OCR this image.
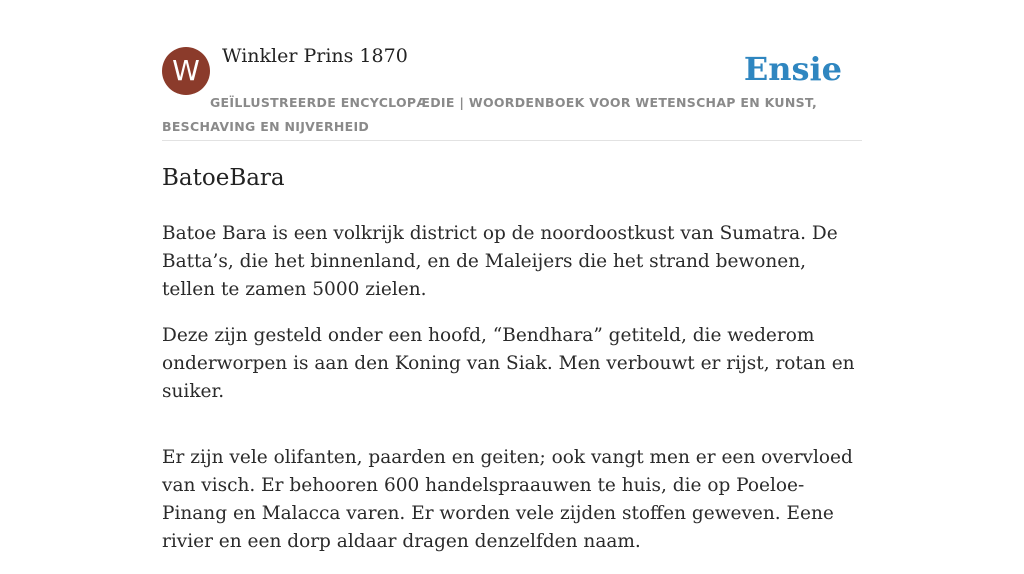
W	Winkler Prins 1870

GEÏLLUSTREERDE ENCYCLOPÆDIE | WOORDENBOEK VOOR WETENSCHAP EN KUNST, BESCHAVING EN NIJVERHEID

Ensie
BatoeBara

Batoe Bara is een volkrijk district op de noordoostkust van Sumatra. De Batta’s, die het binnenland, en de Maleijers die het strand bewonen, tellen te zamen 5000 zielen.

Deze zijn gesteld onder een hoofd, “Bendhara” getiteld, die wederom onderworpen is aan den Koning van Siak. Men verbouwt er rijst, rotan en suiker.

Er zijn vele olifanten, paarden en geiten; ook vangt men er een overvloed van visch. Er behooren 600 handelspraauwen te huis, die op Poeloe-Pinang en Malacca varen. Er worden vele zijden stoffen geweven. Eene rivier en een dorp aldaar dragen denzelfden naam.
